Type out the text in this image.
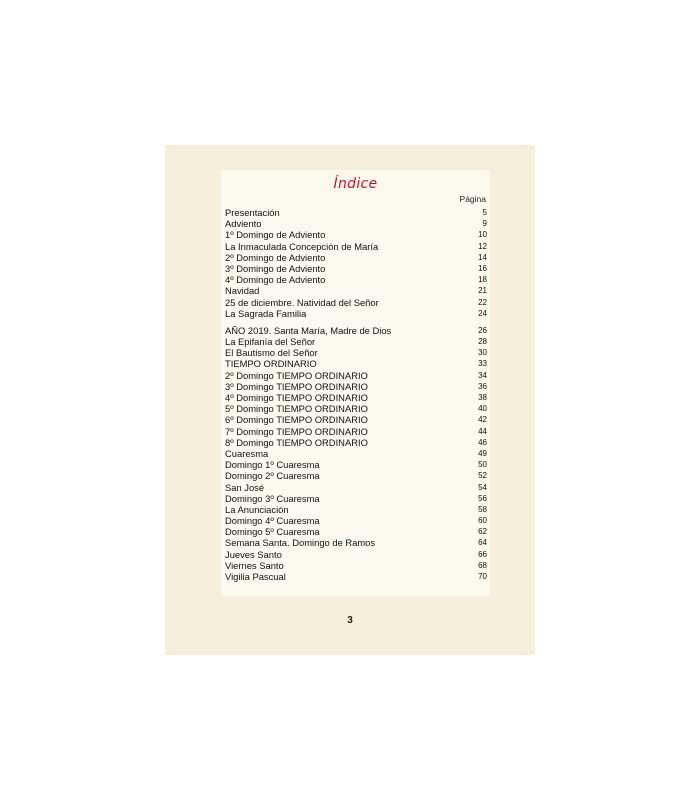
Índice
Página
Presentación	5
Adviento	9
1º Domingo de Adviento	10
La Inmaculada Concepción de María	12
2º Domingo de Adviento	14
3º Domingo de Adviento	16
4º Domingo de Adviento	18
Navidad	21
25 de diciembre. Natividad del Señor	22
La Sagrada Familia	24
AÑO 2019. Santa María, Madre de Dios	26
La Epifanía del Señor	28
El Bautismo del Señor	30
TIEMPO ORDINARIO	33
2º Domingo TIEMPO ORDINARIO	34
3º Domingo TIEMPO ORDINARIO	36
4º Domingo TIEMPO ORDINARIO	38
5º Domingo TIEMPO ORDINARIO	40
6º Domingo TIEMPO ORDINARIO	42
7º Domingo TIEMPO ORDINARIO	44
8º Domingo TIEMPO ORDINARIO	46
Cuaresma	49
Domingo 1º Cuaresma	50
Domingo 2º Cuaresma	52
San José	54
Domingo 3º Cuaresma	56
La Anunciación	58
Domingo 4º Cuaresma	60
Domingo 5º Cuaresma	62
Semana Santa. Domingo de Ramos	64
Jueves Santo	66
Viernes Santo	68
Vigilia Pascual	70
3
